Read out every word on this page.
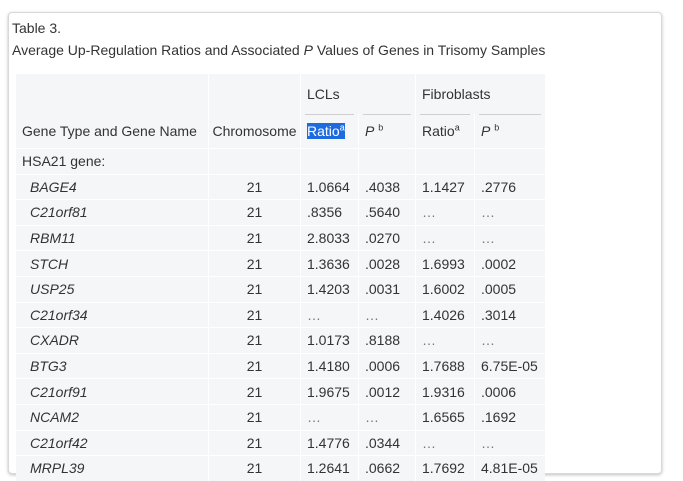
Table 3.
Average Up-Regulation Ratios and Associated P Values of Genes in Trisomy Samples
		LCLs		Fibroblasts	
Gene Type and Gene Name	Chromosome	Ratio$^a$	P $^b$	Ratio$^a$	P $^b$
HSA21 gene:					
BAGE4	21	1.0664	.4038	1.1427	.2776
C21orf81	21	.8356	.5640	…	…
RBM11	21	2.8033	.0270	…	…
STCH	21	1.3636	.0028	1.6993	.0002
USP25	21	1.4203	.0031	1.6002	.0005
C21orf34	21	…	…	1.4026	.3014
CXADR	21	1.0173	.8188	…	…
BTG3	21	1.4180	.0006	1.7688	6.75E-05
C21orf91	21	1.9675	.0012	1.9316	.0006
NCAM2	21	…	…	1.6565	.1692
C21orf42	21	1.4776	.0344	…	…
MRPL39	21	1.2641	.0662	1.7692	4.81E-05
